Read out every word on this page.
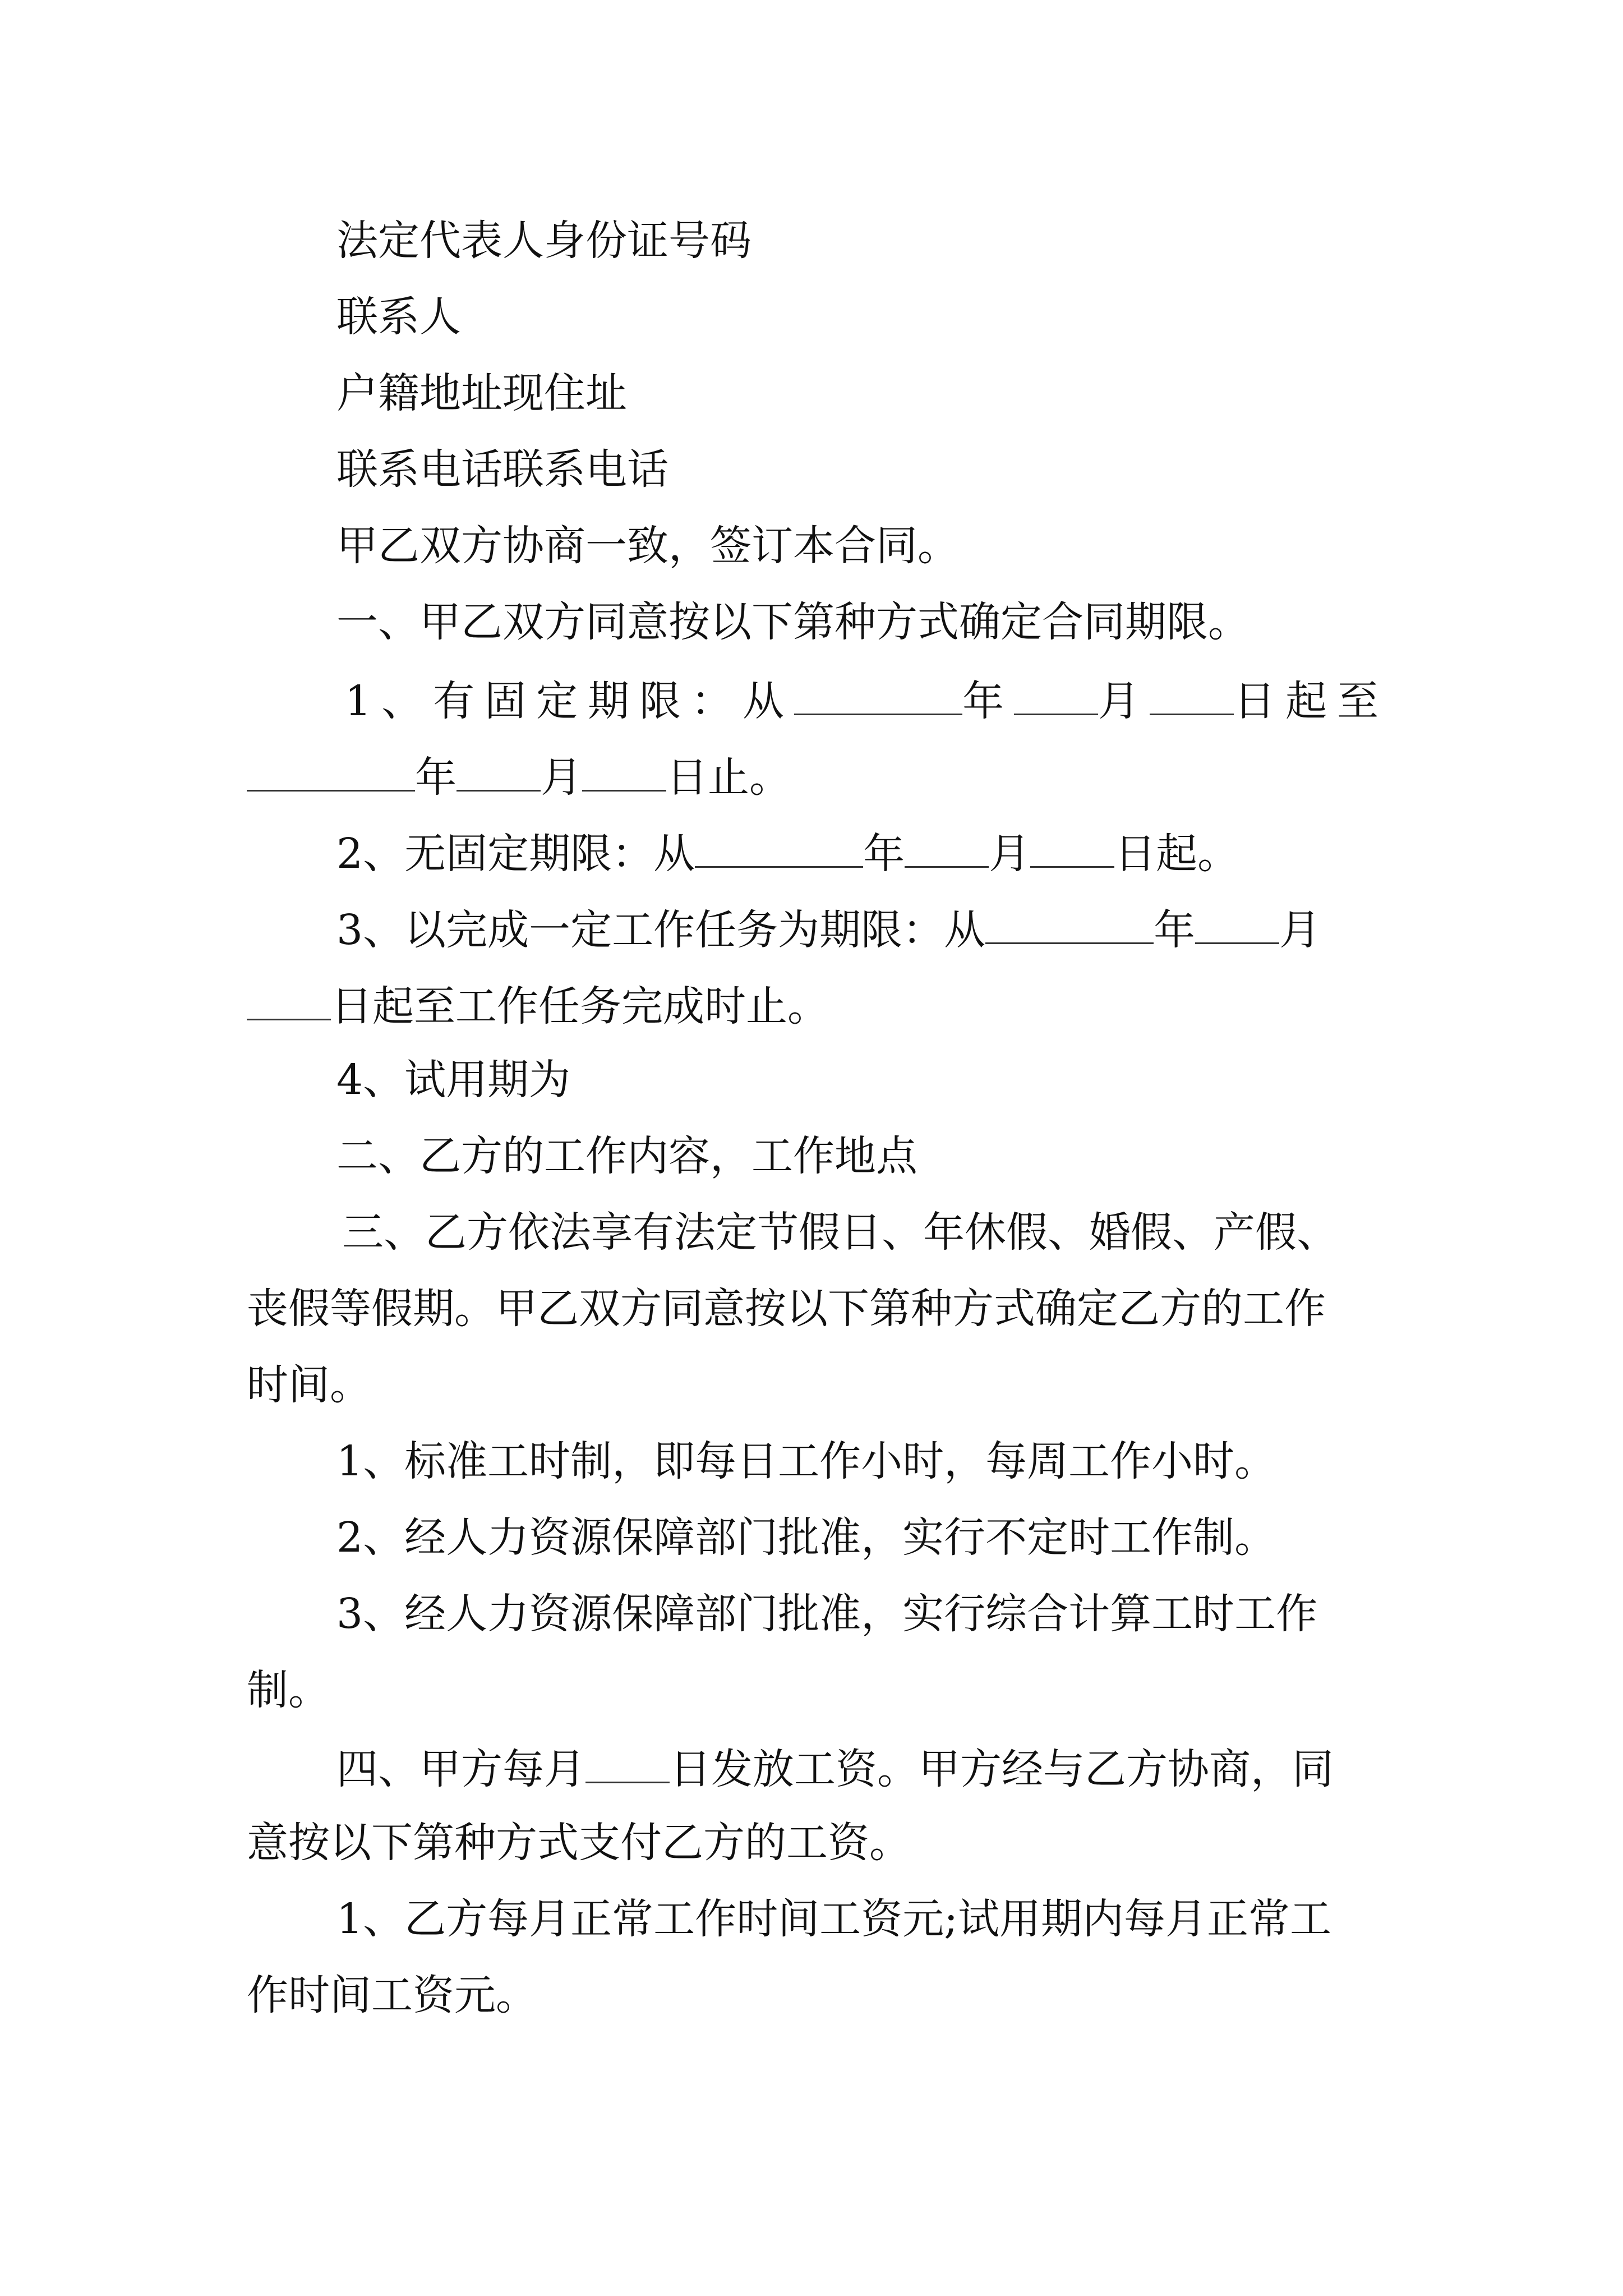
法定代表人身份证号码
联系人
户籍地址现住址
联系电话联系电话
甲乙双方协商一致，签订本合同。
一、甲乙双方同意按以下第种方式确定合同期限。
1、有固定期限：从	年 月 日起至
年 月 日止。
2、无固定期限：从	年 月 日起。
3、以完成一定工作任务为期限：从	年 月
日起至工作任务完成时止。
4、试用期为
二、乙方的工作内容，工作地点
三、乙方依法享有法定节假日、年休假、婚假、产假、
丧假等假期。甲乙双方同意按以下第种方式确定乙方的工作
时间。
1、标准工时制，即每日工作小时，每周工作小时。
2、经人力资源保障部门批准，实行不定时工作制。
3、经人力资源保障部门批准，实行综合计算工时工作
制。
四、甲方每月 日发放工资。甲方经与乙方协商，同
意按以下第种方式支付乙方的工资。
1、乙方每月正常工作时间工资元;试用期内每月正常工
作时间工资元。
